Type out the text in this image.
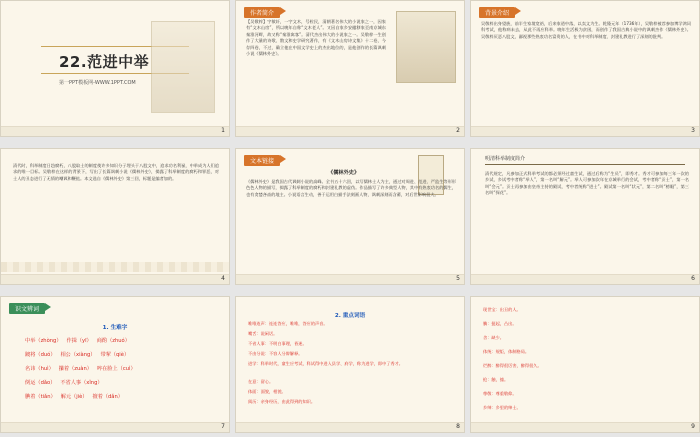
22.范进中举
第一PPT模板网-WWW.1PPT.COM
1
作者简介
【吴敬梓】字敏轩，一字文木，号粒民，清朝著名伟大的小说家之一，因家有“文木山房”，所以晚年自称“文木老人”。又因自家乡安徽移家至南京城东秦淮河畔，故又称“秦淮寓客”。清代杰出伟大的小说家之一。吴敬梓一生创作了大量的诗歌、散文和史学研究著作，有《文木山房诗文集》十二卷，今存四卷，不过，确立他在中国文学史上的杰出地位的，是他创作的长篇讽刺小说《儒林外史》。
2
背景介绍
吴敬梓出身望族，前半生家境宽裕，后来家道中落，以卖文为生。乾隆元年（1736年），吴敬梓被荐参加博学鸿词科考试，他称病未去，从此不再应科举。晚年生活极为贫困，而创作了我国古典小说中的讽刺杰作《儒林外史》。吴敬梓厌恶八股文，鄙视那些热衷功名富贵的人，在书中对科举制度、封建礼教进行了深刻的批判。
3
清代时，科举制度日趋腐朽，八股取士的制度使许多知识分子埋头于八股文中，追求功名利禄，中举成为人们追求的唯一目标。吴敬梓在这样的背景下，写出了长篇讽刺小说《儒林外史》，揭露了科举制度的腐朽和罪恶，对士人的丑态进行了无情的嘲讽和鞭挞。本文选自《儒林外史》第三回，标题是编者加的。
4
文本链接
《儒林外史》
《儒林外史》是我国古代讽刺小说的高峰。全书五十六回，以写儒林士人为主，通过对周进、范进、严监生等形形色色人物的描写，揭露了科举制度的腐朽和封建礼教的虚伪。作品描写了许多典型人物，其中有热衷功名的儒生，也有贪婪吝啬的地主。小说语言生动，善于运用白描手法刻画人物，讽刺深刻而含蓄，对后世影响很大。
5
明清科举制度简介
清代规定，凡参加正式科举考试的都必须经过童生试，通过后称为“生员”，即秀才。秀才可参加每三年一次的乡试，乡试考中者称“举人”，第一名叫“解元”。举人可参加次年在京城举行的会试，考中者称“贡士”，第一名叫“会元”。贡士再参加由皇帝主持的殿试，考中者统称“进士”。殿试第一名叫“状元”，第二名叫“榜眼”，第三名叫“探花”。
6
识文辨词
1. 生难字
中举（zhòng） 作揖（yī） 商酌（zhuó）
踱将（duó） 相公（xiàng） 带挈（qiè）
名讳（huì） 攥着（zuàn） 啐在脸上（cuì）
倒运（dǎo） 不省人事（xǐng）
腆着（tiǎn） 解元（jiè） 擅着（dǎn）
7
2. 重点词语
唯唯连声：连连答应，唯唯，答应的声音。
嘴舌：说闲话。
不省人事：不明白事理，昏迷。
不由分说：不容人分辩解释。
进学：科举时代，童生应考试，科试得中进入县学、府学，称为进学，即中了秀才。
在意：留心。
体面：面貌，相貌。
阅历：亲身经历，由此得到的知识。
8
现世宝：出丑的人。
腆：挺起，凸出。
舍：缺少。
体统：规矩，体制格局。
烂醉：醉得很厉害，醉得很久。
抢：触，撞。
尊敬：尊重敬仰。
乡绅：乡里的绅士。
9
